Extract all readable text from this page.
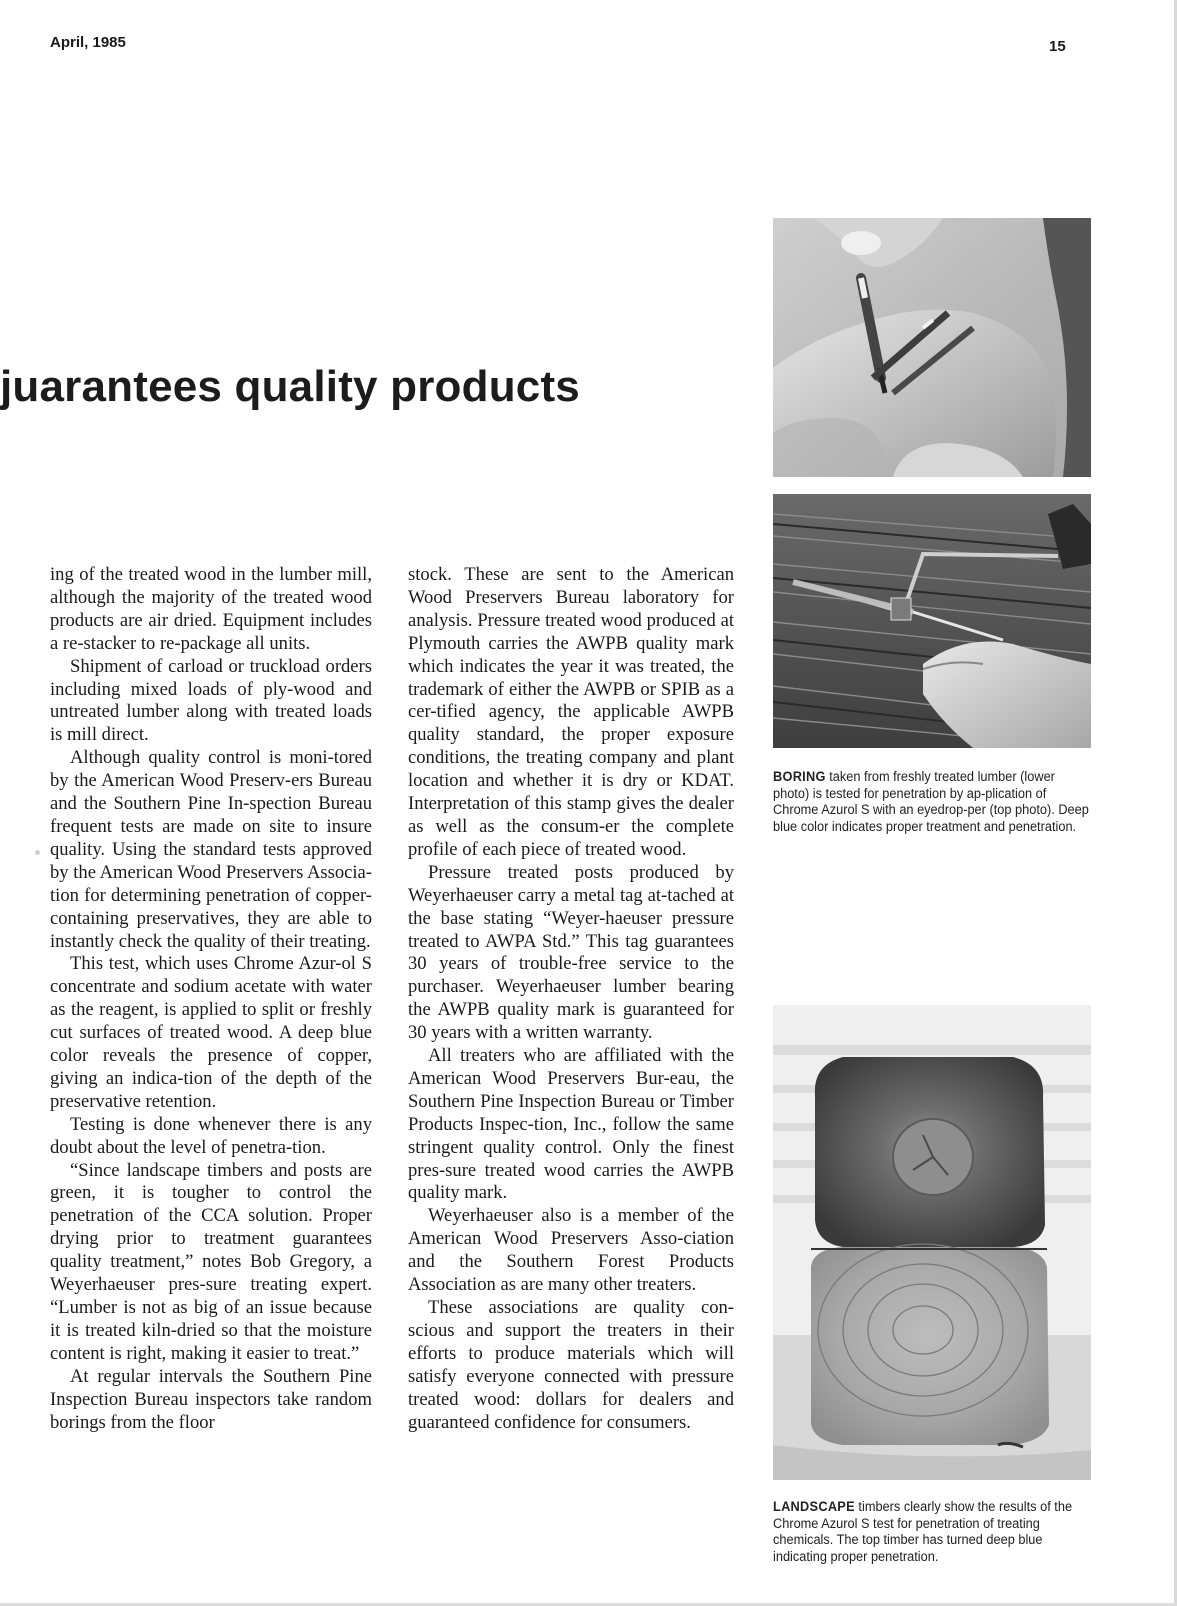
April, 1985	15
juarantees quality products

ing of the treated wood in the lumber mill, although the majority of the treated wood products are air dried. Equipment includes a re-stacker to re-package all units.

Shipment of carload or truckload orders including mixed loads of ply-wood and untreated lumber along with treated loads is mill direct.

Although quality control is moni-tored by the American Wood Preserv-ers Bureau and the Southern Pine In-spection Bureau frequent tests are made on site to insure quality. Using the standard tests approved by the American Wood Preservers Associa-tion for determining penetration of copper-containing preservatives, they are able to instantly check the quality of their treating.

This test, which uses Chrome Azur-ol S concentrate and sodium acetate with water as the reagent, is applied to split or freshly cut surfaces of treated wood. A deep blue color reveals the presence of copper, giving an indica-tion of the depth of the preservative retention.

Testing is done whenever there is any doubt about the level of penetra-tion.

“Since landscape timbers and posts are green, it is tougher to control the penetration of the CCA solution. Proper drying prior to treatment guarantees quality treatment,” notes Bob Gregory, a Weyerhaeuser pres-sure treating expert. “Lumber is not as big of an issue because it is treated kiln-dried so that the moisture content is right, making it easier to treat.”

At regular intervals the Southern Pine Inspection Bureau inspectors take random borings from the floor

stock. These are sent to the American Wood Preservers Bureau laboratory for analysis. Pressure treated wood produced at Plymouth carries the AWPB quality mark which indicates the year it was treated, the trademark of either the AWPB or SPIB as a cer-tified agency, the applicable AWPB quality standard, the proper exposure conditions, the treating company and plant location and whether it is dry or KDAT. Interpretation of this stamp gives the dealer as well as the consum-er the complete profile of each piece of treated wood.

Pressure treated posts produced by Weyerhaeuser carry a metal tag at-tached at the base stating “Weyer-haeuser pressure treated to AWPA Std.” This tag guarantees 30 years of trouble-free service to the purchaser. Weyerhaeuser lumber bearing the AWPB quality mark is guaranteed for 30 years with a written warranty.

All treaters who are affiliated with the American Wood Preservers Bur-eau, the Southern Pine Inspection Bureau or Timber Products Inspec-tion, Inc., follow the same stringent quality control. Only the finest pres-sure treated wood carries the AWPB quality mark.

Weyerhaeuser also is a member of the American Wood Preservers Asso-ciation and the Southern Forest Products Association as are many other treaters.

These associations are quality con-scious and support the treaters in their efforts to produce materials which will satisfy everyone connected with pressure treated wood: dollars for dealers and guaranteed confidence for consumers.

BORING taken from freshly treated lumber (lower photo) is tested for penetration by ap-plication of Chrome Azurol S with an eyedrop-per (top photo). Deep blue color indicates proper treatment and penetration.
LANDSCAPE timbers clearly show the results of the Chrome Azurol S test for penetration of treating chemicals. The top timber has turned deep blue indicating proper penetration.
